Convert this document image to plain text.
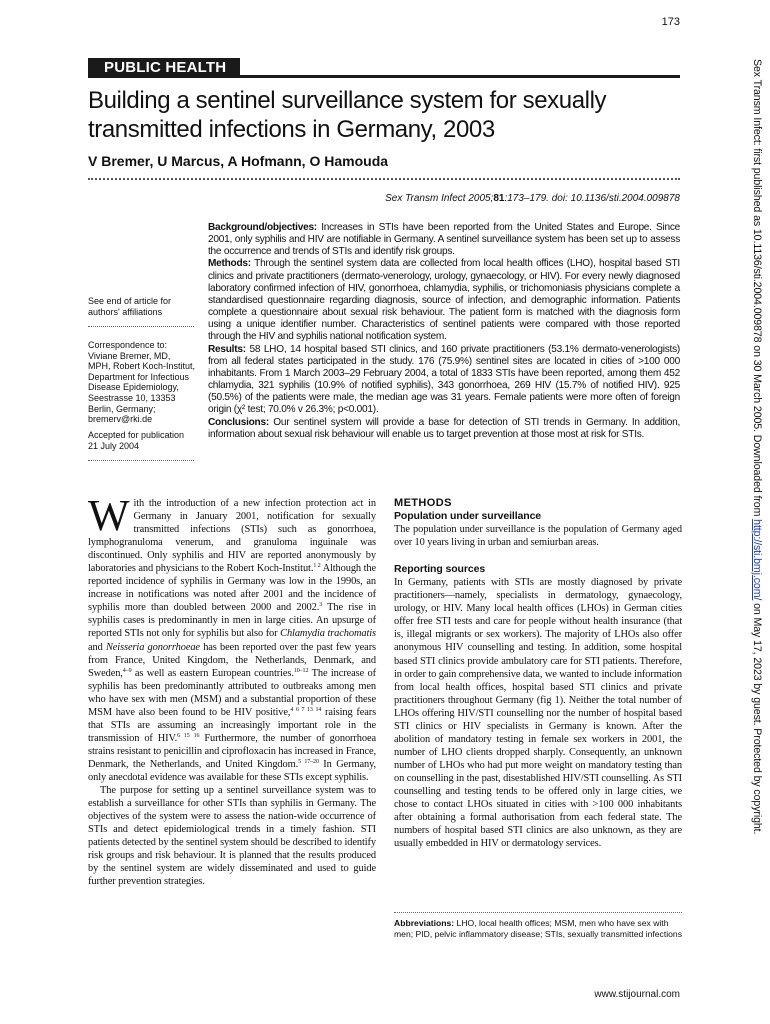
173
PUBLIC HEALTH
Building a sentinel surveillance system for sexually transmitted infections in Germany, 2003
V Bremer, U Marcus, A Hofmann, O Hamouda
Sex Transm Infect 2005;81:173–179. doi: 10.1136/sti.2004.009878
See end of article for authors' affiliations
Correspondence to:
Viviane Bremer, MD,
MPH, Robert Koch-Institut,
Department for Infectious
Disease Epidemiology,
Seestrasse 10, 13353
Berlin, Germany;
bremerv@rki.de
Accepted for publication
21 July 2004

Background/objectives: Increases in STIs have been reported from the United States and Europe. Since 2001, only syphilis and HIV are notifiable in Germany. A sentinel surveillance system has been set up to assess the occurrence and trends of STIs and identify risk groups.

Methods: Through the sentinel system data are collected from local health offices (LHO), hospital based STI clinics and private practitioners (dermato-venerology, urology, gynaecology, or HIV). For every newly diagnosed laboratory confirmed infection of HIV, gonorrhoea, chlamydia, syphilis, or trichomoniasis physicians complete a standardised questionnaire regarding diagnosis, source of infection, and demographic information. Patients complete a questionnaire about sexual risk behaviour. The patient form is matched with the diagnosis form using a unique identifier number. Characteristics of sentinel patients were compared with those reported through the HIV and syphilis national notification system.

Results: 58 LHO, 14 hospital based STI clinics, and 160 private practitioners (53.1% dermato-venerologists) from all federal states participated in the study. 176 (75.9%) sentinel sites are located in cities of >100 000 inhabitants. From 1 March 2003–29 February 2004, a total of 1833 STIs have been reported, among them 452 chlamydia, 321 syphilis (10.9% of notified syphilis), 343 gonorrhoea, 269 HIV (15.7% of notified HIV). 925 (50.5%) of the patients were male, the median age was 31 years. Female patients were more often of foreign origin (χ² test; 70.0% v 26.3%; p<0.001).

Conclusions: Our sentinel system will provide a base for detection of STI trends in Germany. In addition, information about sexual risk behaviour will enable us to target prevention at those most at risk for STIs.

With the introduction of a new infection protection act in Germany in January 2001, notification for sexually transmitted infections (STIs) such as gonorrhoea, lymphogranuloma venerum, and granuloma inguinale was discontinued. Only syphilis and HIV are reported anonymously by laboratories and physicians to the Robert Koch-Institut.$^{1 2}$ Although the reported incidence of syphilis in Germany was low in the 1990s, an increase in notifications was noted after 2001 and the incidence of syphilis more than doubled between 2000 and 2002.$^3$ The rise in syphilis cases is predominantly in men in large cities. An upsurge of reported STIs not only for syphilis but also for Chlamydia trachomatis and Neisseria gonorrhoeae has been reported over the past few years from France, United Kingdom, the Netherlands, Denmark, and Sweden,$^{4-9}$ as well as eastern European countries.$^{10-12}$ The increase of syphilis has been predominantly attributed to outbreaks among men who have sex with men (MSM) and a substantial proportion of these MSM have also been found to be HIV positive,$^{4 6 7 13 14}$ raising fears that STIs are assuming an increasingly important role in the transmission of HIV.$^{6 15 16}$ Furthermore, the number of gonorrhoea strains resistant to penicillin and ciprofloxacin has increased in France, Denmark, the Netherlands, and United Kingdom.$^{5 17-20}$ In Germany, only anecdotal evidence was available for these STIs except syphilis.

The purpose for setting up a sentinel surveillance system was to establish a surveillance for other STIs than syphilis in Germany. The objectives of the system were to assess the nation-wide occurrence of STIs and detect epidemiological trends in a timely fashion. STI patients detected by the sentinel system should be described to identify risk groups and risk behaviour. It is planned that the results produced by the sentinel system are widely disseminated and used to guide further prevention strategies.

METHODS

Population under surveillance

The population under surveillance is the population of Germany aged over 10 years living in urban and semiurban areas.

Reporting sources

In Germany, patients with STIs are mostly diagnosed by private practitioners—namely, specialists in dermatology, gynaecology, urology, or HIV. Many local health offices (LHOs) in German cities offer free STI tests and care for people without health insurance (that is, illegal migrants or sex workers). The majority of LHOs also offer anonymous HIV counselling and testing. In addition, some hospital based STI clinics provide ambulatory care for STI patients. Therefore, in order to gain comprehensive data, we wanted to include information from local health offices, hospital based STI clinics and private practitioners throughout Germany (fig 1). Neither the total number of LHOs offering HIV/STI counselling nor the number of hospital based STI clinics or HIV specialists in Germany is known. After the abolition of mandatory testing in female sex workers in 2001, the number of LHO clients dropped sharply. Consequently, an unknown number of LHOs who had put more weight on mandatory testing than on counselling in the past, disestablished HIV/STI counselling. As STI counselling and testing tends to be offered only in large cities, we chose to contact LHOs situated in cities with >100 000 inhabitants after obtaining a formal authorisation from each federal state. The numbers of hospital based STI clinics are also unknown, as they are usually embedded in HIV or dermatology services.

Abbreviations: LHO, local health offices; MSM, men who have sex with men; PID, pelvic inflammatory disease; STIs, sexually transmitted infections
www.stijournal.com
Sex Transm Infect: first published as 10.1136/sti.2004.009878 on 30 March 2005. Downloaded from http://sti.bmj.com/ on May 17, 2023 by guest. Protected by copyright.
